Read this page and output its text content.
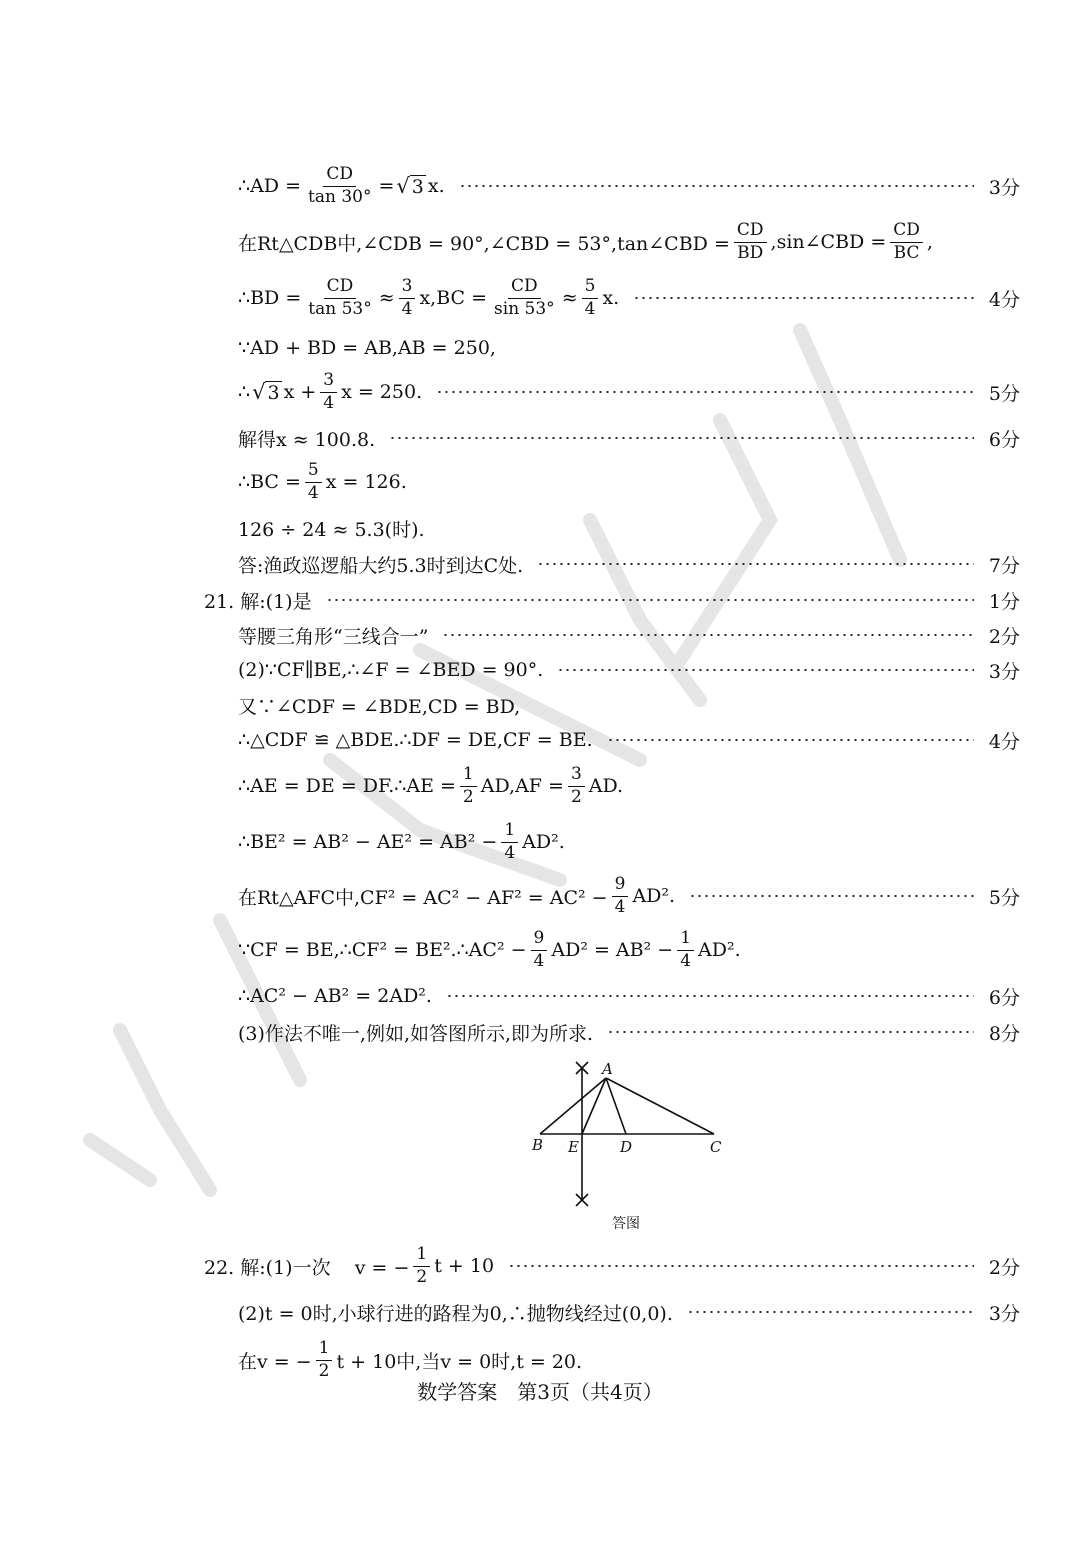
∴AD = $\frac{CD}{\tan 30^\circ}$ = √ 3 x.	3分
在Rt△CDB中,∠CDB = 90°,∠CBD = 53°,tan∠CBD = $\frac{CD}{BD}$ ,sin∠CBD = $\frac{CD}{BC}$ ,
∴BD = $\frac{CD}{\tan 53^\circ} \approx \frac{3}{4} x,BC = \frac{CD}{\sin 53^\circ} \approx \frac{5}{4} x$.	4分
∵AD + BD = AB,AB = 250,
∴ √ 3 $x + \frac{3}{4}$ x = 250.	5分
解得x ≈ 100.8.	6分
∴BC = $\frac{5}{4}$ x = 126.
126 ÷ 24 ≈ 5.3(时).
答:渔政巡逻船大约5.3时到达C处.	7分
21. 解:(1)是	1分
等腰三角形“三线合一”	2分
(2)∵CF∥BE,∴∠F = ∠BED = 90°.	3分
又∵∠CDF = ∠BDE,CD = BD,
∴△CDF ≌ △BDE.∴DF = DE,CF = BE.	4分
∴AE = DE = DF.∴AE = $\frac{1}{2} AD,AF = \frac{3}{2}$ AD.
∴BE² = $AB^2 - AE^2 = AB^2 - \frac{1}{4} AD^2$.
在Rt△AFC中$,CF^2 = AC^2 - AF^2 = AC^2 - \frac{9}{4} AD^2$.	5分
∵CF = BE,∴CF² = BE².∴AC² − $\frac{9}{4} AD^2 = AB^2 - \frac{1}{4} AD^2$.
∴AC² − AB² = 2AD².	6分
(3)作法不唯一,例如,如答图所示,即为所求.	8分
A
B E	D	C
答图
22. 解:(1)一次    v = − $\frac{1}{2}$ t + 10	2分
(2)t = 0时,小球行进的路程为0,∴抛物线经过(0,0).	3分
在v = − $\frac{1}{2}$ t + 10中,当v = 0时,t = 20.
数学答案　第3页（共4页）
